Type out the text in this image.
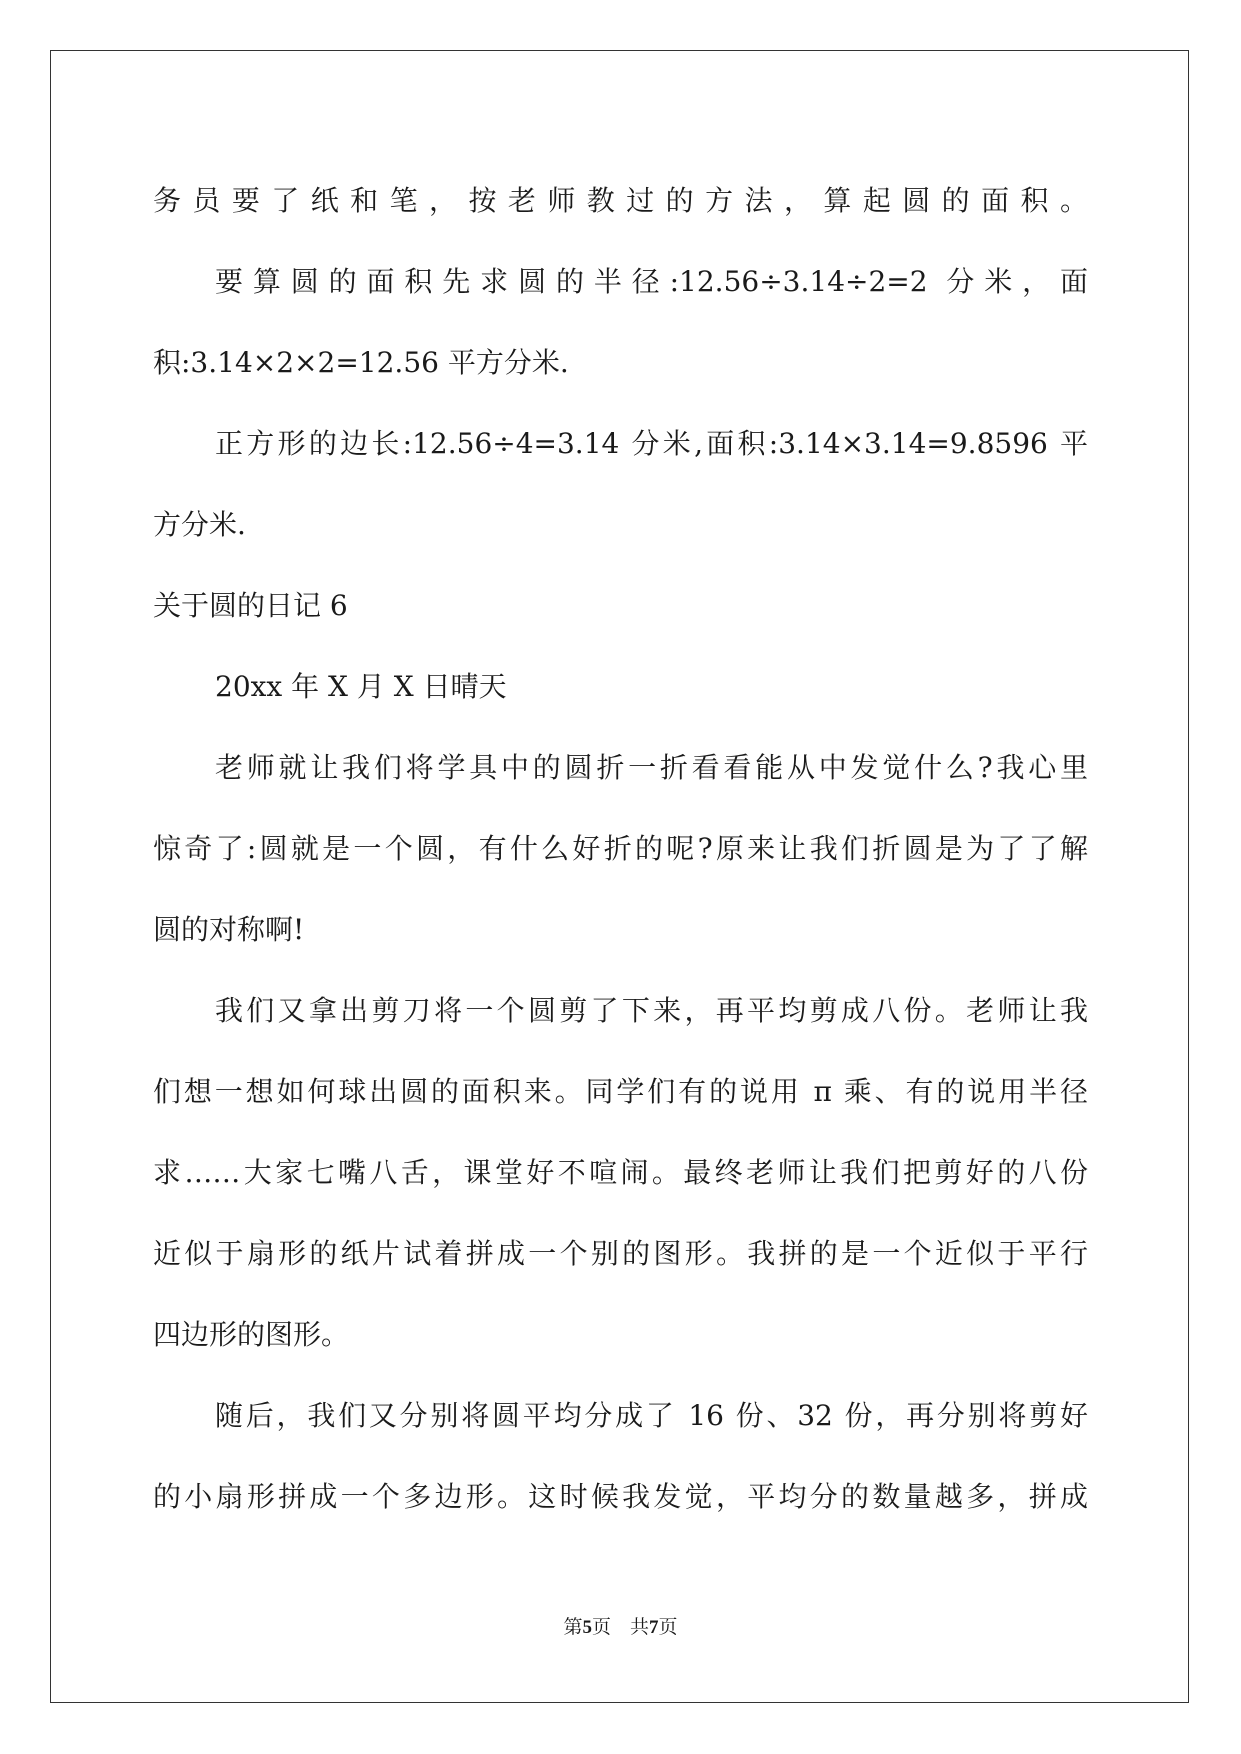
务员要了纸和笔，按老师教过的方法，算起圆的面积。
要算圆的面积先求圆的半径:12.56÷3.14÷2=2 分米，面
积:3.14×2×2=12.56 平方分米.
正方形的边长:12.56÷4=3.14 分米,面积:3.14×3.14=9.8596 平
方分米.
关于圆的日记 6
20xx 年 X 月 X 日晴天
老师就让我们将学具中的圆折一折看看能从中发觉什么?我心里
惊奇了:圆就是一个圆，有什么好折的呢?原来让我们折圆是为了了解
圆的对称啊!
我们又拿出剪刀将一个圆剪了下来，再平均剪成八份。老师让我
们想一想如何球出圆的面积来。同学们有的说用 π 乘、有的说用半径
求……大家七嘴八舌，课堂好不喧闹。最终老师让我们把剪好的八份
近似于扇形的纸片试着拼成一个别的图形。我拼的是一个近似于平行
四边形的图形。
随后，我们又分别将圆平均分成了 16 份、32 份，再分别将剪好
的小扇形拼成一个多边形。这时候我发觉，平均分的数量越多，拼成
第5页　共7页
